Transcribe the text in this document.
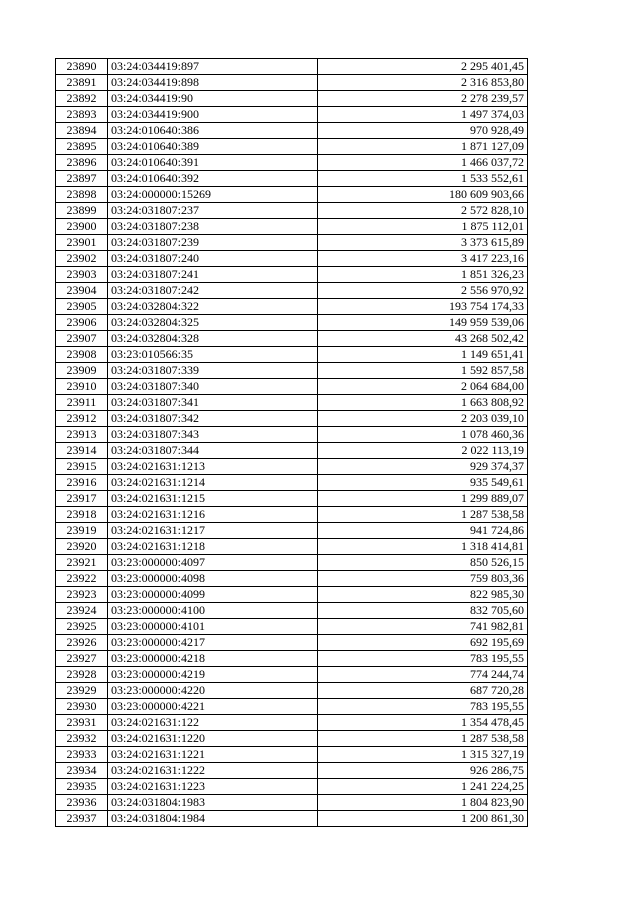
23890	03:24:034419:897	2 295 401,45
23891	03:24:034419:898	2 316 853,80
23892	03:24:034419:90	2 278 239,57
23893	03:24:034419:900	1 497 374,03
23894	03:24:010640:386	970 928,49
23895	03:24:010640:389	1 871 127,09
23896	03:24:010640:391	1 466 037,72
23897	03:24:010640:392	1 533 552,61
23898	03:24:000000:15269	180 609 903,66
23899	03:24:031807:237	2 572 828,10
23900	03:24:031807:238	1 875 112,01
23901	03:24:031807:239	3 373 615,89
23902	03:24:031807:240	3 417 223,16
23903	03:24:031807:241	1 851 326,23
23904	03:24:031807:242	2 556 970,92
23905	03:24:032804:322	193 754 174,33
23906	03:24:032804:325	149 959 539,06
23907	03:24:032804:328	43 268 502,42
23908	03:23:010566:35	1 149 651,41
23909	03:24:031807:339	1 592 857,58
23910	03:24:031807:340	2 064 684,00
23911	03:24:031807:341	1 663 808,92
23912	03:24:031807:342	2 203 039,10
23913	03:24:031807:343	1 078 460,36
23914	03:24:031807:344	2 022 113,19
23915	03:24:021631:1213	929 374,37
23916	03:24:021631:1214	935 549,61
23917	03:24:021631:1215	1 299 889,07
23918	03:24:021631:1216	1 287 538,58
23919	03:24:021631:1217	941 724,86
23920	03:24:021631:1218	1 318 414,81
23921	03:23:000000:4097	850 526,15
23922	03:23:000000:4098	759 803,36
23923	03:23:000000:4099	822 985,30
23924	03:23:000000:4100	832 705,60
23925	03:23:000000:4101	741 982,81
23926	03:23:000000:4217	692 195,69
23927	03:23:000000:4218	783 195,55
23928	03:23:000000:4219	774 244,74
23929	03:23:000000:4220	687 720,28
23930	03:23:000000:4221	783 195,55
23931	03:24:021631:122	1 354 478,45
23932	03:24:021631:1220	1 287 538,58
23933	03:24:021631:1221	1 315 327,19
23934	03:24:021631:1222	926 286,75
23935	03:24:021631:1223	1 241 224,25
23936	03:24:031804:1983	1 804 823,90
23937	03:24:031804:1984	1 200 861,30
